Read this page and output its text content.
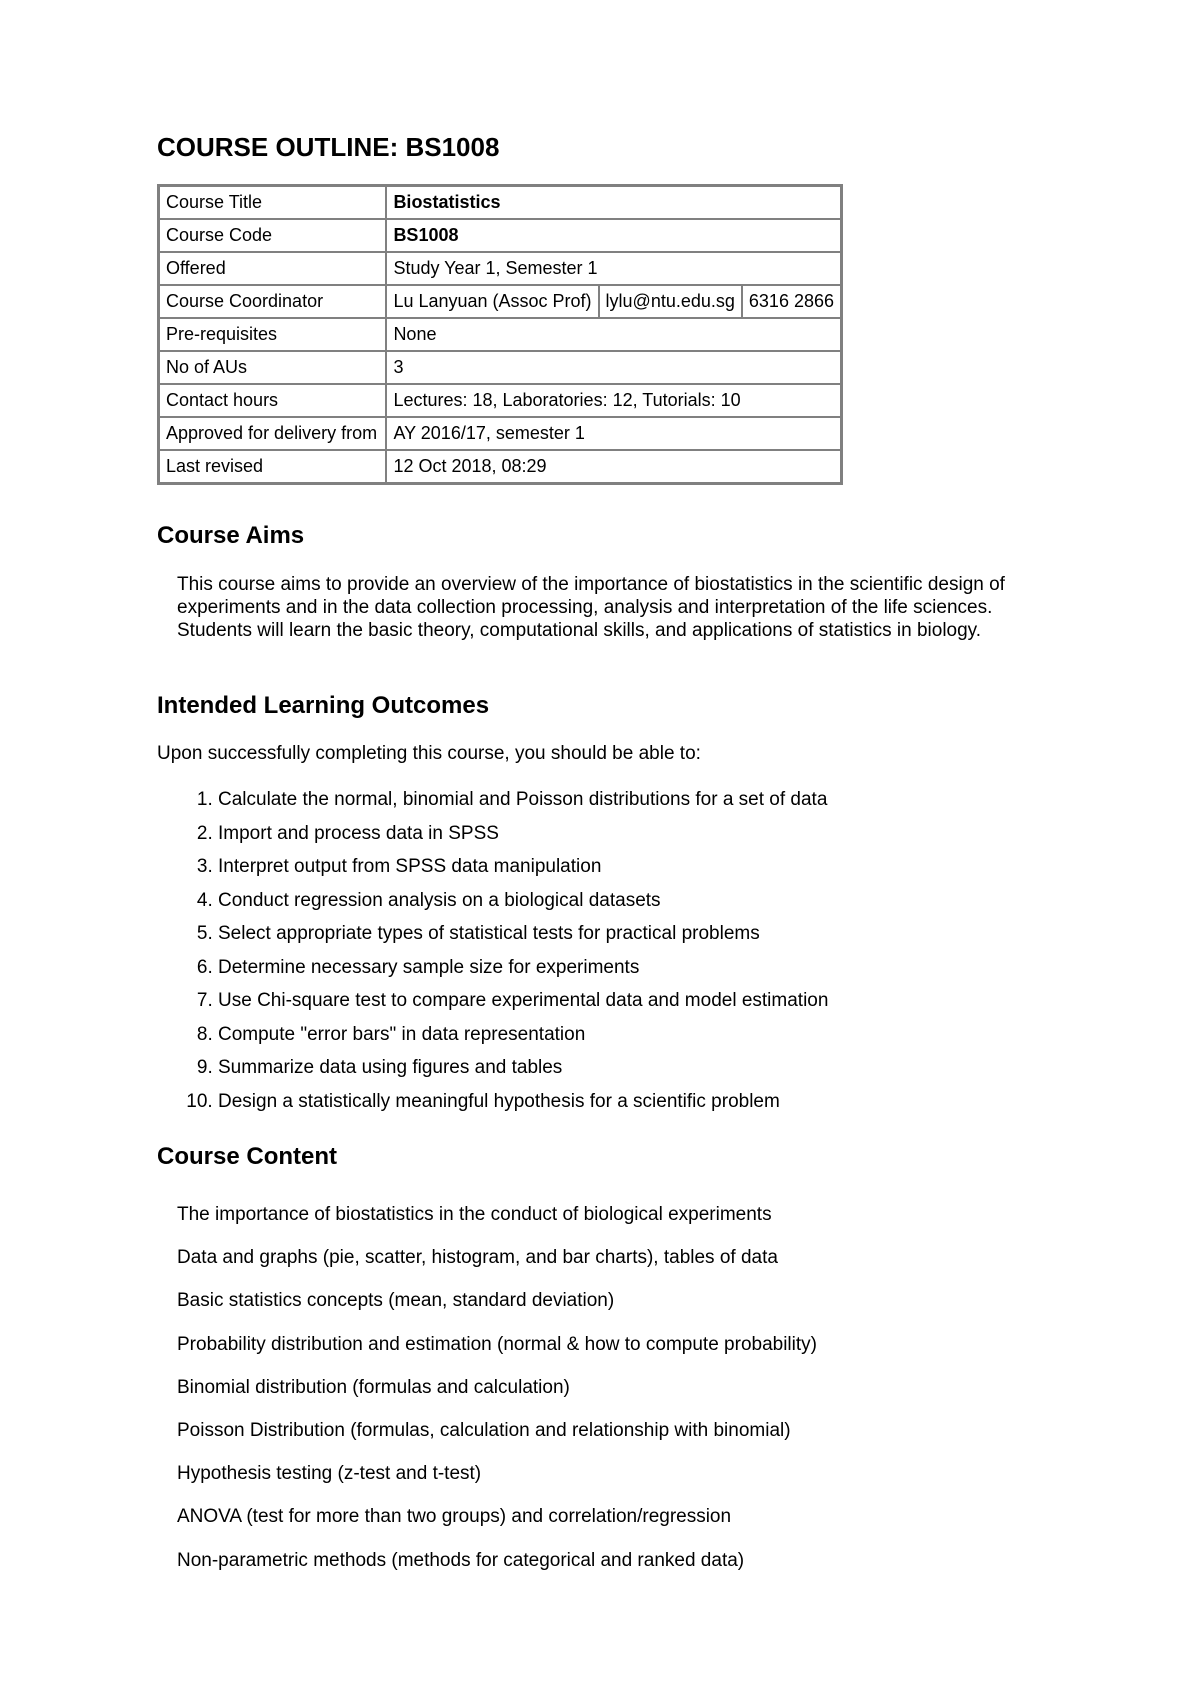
COURSE OUTLINE: BS1008
Course Title	Biostatistics		
Course Code	BS1008		
Offered	Study Year 1, Semester 1		
Course Coordinator	Lu Lanyuan (Assoc Prof)	lylu@ntu.edu.sg	6316 2866
Pre-requisites	None		
No of AUs	3		
Contact hours	Lectures: 18, Laboratories: 12, Tutorials: 10		
Approved for delivery from	AY 2016/17, semester 1		
Last revised	12 Oct 2018, 08:29		
Course Aims

This course aims to provide an overview of the importance of biostatistics in the scientific design of experiments and in the data collection processing, analysis and interpretation of the life sciences. Students will learn the basic theory, computational skills, and applications of statistics in biology.

Intended Learning Outcomes

Upon successfully completing this course, you should be able to:

1. Calculate the normal, binomial and Poisson distributions for a set of data
2. Import and process data in SPSS
3. Interpret output from SPSS data manipulation
4. Conduct regression analysis on a biological datasets
5. Select appropriate types of statistical tests for practical problems
6. Determine necessary sample size for experiments
7. Use Chi-square test to compare experimental data and model estimation
8. Compute "error bars" in data representation
9. Summarize data using figures and tables
10. Design a statistically meaningful hypothesis for a scientific problem
Course Content
The importance of biostatistics in the conduct of biological experiments
Data and graphs (pie, scatter, histogram, and bar charts), tables of data
Basic statistics concepts (mean, standard deviation)
Probability distribution and estimation (normal & how to compute probability)
Binomial distribution (formulas and calculation)
Poisson Distribution (formulas, calculation and relationship with binomial)
Hypothesis testing (z-test and t-test)
ANOVA (test for more than two groups) and correlation/regression
Non-parametric methods (methods for categorical and ranked data)
